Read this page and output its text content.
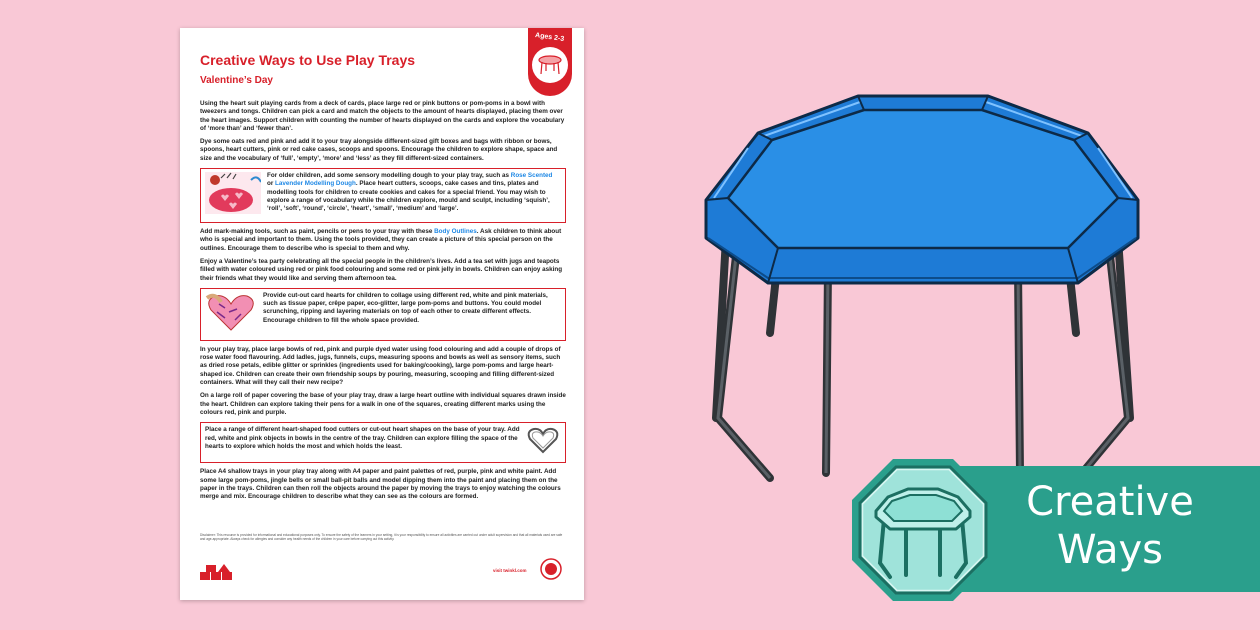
Creative Ways to Use Play Trays
Valentine’s Day
Ages 2-3

Using the heart suit playing cards from a deck of cards, place large red or pink buttons or pom-poms in a bowl with tweezers and tongs. Children can pick a card and match the objects to the amount of hearts displayed, placing them over the heart images. Support children with counting the number of hearts displayed on the cards and explore the vocabulary of ‘more than’ and ‘fewer than’.

Dye some oats red and pink and add it to your tray alongside different-sized gift boxes and bags with ribbon or bows, spoons, heart cutters, pink or red cake cases, scoops and spoons. Encourage the children to explore shape, space and size and the vocabulary of ‘full’, ‘empty’, ‘more’ and ‘less’ as they fill different-sized containers.

For older children, add some sensory modelling dough to your play tray, such as Rose Scented or Lavender Modelling Dough. Place heart cutters, scoops, cake cases and tins, plates and modelling tools for children to create cookies and cakes for a special friend. You may wish to explore a range of vocabulary while the children explore, mould and sculpt, including ‘squish’, ‘roll’, ‘soft’, ‘round’, ‘circle’, ‘heart’, ‘small’, ‘medium’ and ‘large’.

Add mark-making tools, such as paint, pencils or pens to your tray with these Body Outlines. Ask children to think about who is special and important to them. Using the tools provided, they can create a picture of this special person on the outlines. Encourage them to describe who is special to them and why.

Enjoy a Valentine’s tea party celebrating all the special people in the children’s lives. Add a tea set with jugs and teapots filled with water coloured using red or pink food colouring and some red or pink jelly in bowls. Children can enjoy asking their friends what they would like and serving them afternoon tea.

Provide cut-out card hearts for children to collage using different red, white and pink materials, such as tissue paper, crêpe paper, eco-glitter, large pom-poms and buttons. You could model scrunching, ripping and layering materials on top of each other to create different effects. Encourage children to fill the whole space provided.

In your play tray, place large bowls of red, pink and purple dyed water using food colouring and add a couple of drops of rose water food flavouring. Add ladles, jugs, funnels, cups, measuring spoons and bowls as well as sensory items, such as dried rose petals, edible glitter or sprinkles (ingredients used for baking/cooking), large pom-poms and large heart-shaped ice. Children can create their own friendship soups by pouring, measuring, scooping and filling different-sized containers. What will they call their new recipe?

On a large roll of paper covering the base of your play tray, draw a large heart outline with individual squares drawn inside the heart. Children can explore taking their pens for a walk in one of the squares, creating different marks using the colours red, pink and purple.

Place a range of different heart-shaped food cutters or cut-out heart shapes on the base of your tray. Add red, white and pink objects in bowls in the centre of the tray. Children can explore filling the space of the hearts to explore which holds the most and which holds the least.

Place A4 shallow trays in your play tray along with A4 paper and paint palettes of red, purple, pink and white paint. Add some large pom-poms, jingle bells or small ball-pit balls and model dipping them into the paint and placing them on the paper in the trays. Children can then roll the objects around the paper by moving the trays to enjoy watching the colours merge and mix. Encourage children to describe what they can see as the colours are formed.

Disclaimer: This resource is provided for informational and educational purposes only. To ensure the safety of the learners in your setting, it is your responsibility to ensure all activities are carried out under adult supervision and that all materials used are safe and age-appropriate. Always check for allergies and consider any health needs of the children in your care before carrying out this activity.
visit twinkl.com
Creative
Ways
